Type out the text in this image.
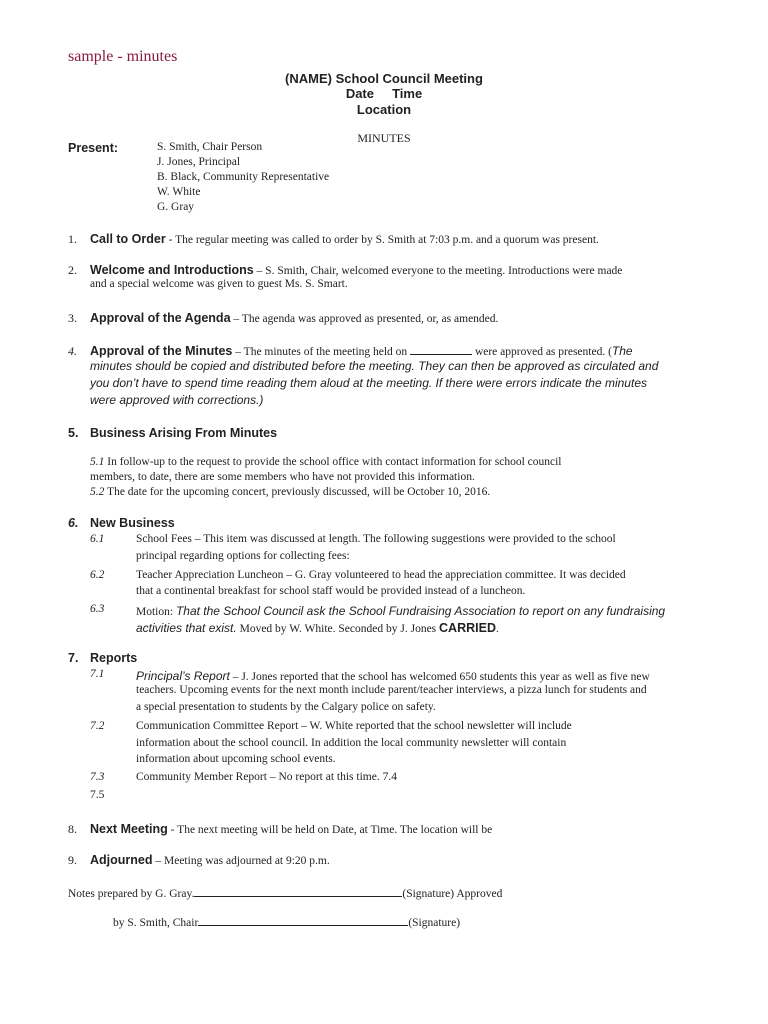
sample - minutes
(NAME) School Council Meeting
Date Time
Location
MINUTES
Present:	S. Smith, Chair Person
J. Jones, Principal
B. Black, Community Representative
W. White
G. Gray
1. Call to Order - The regular meeting was called to order by S. Smith at 7:03 p.m. and a quorum was present.
2. Welcome and Introductions – S. Smith, Chair, welcomed everyone to the meeting. Introductions were made
and a special welcome was given to guest Ms. S. Smart.
3. Approval of the Agenda – The agenda was approved as presented, or, as amended.
4. Approval of the Minutes – The minutes of the meeting held on	were approved as presented. (The
minutes should be copied and distributed before the meeting. They can then be approved as circulated and
you don’t have to spend time reading them aloud at the meeting. If there were errors indicate the minutes
were approved with corrections.)
5. Business Arising From Minutes
5.1 In follow-up to the request to provide the school office with contact information for school council
members, to date, there are some members who have not provided this information.
5.2 The date for the upcoming concert, previously discussed, will be October 10, 2016.
6. New Business
6.1	School Fees – This item was discussed at length. The following suggestions were provided to the school
principal regarding options for collecting fees:
6.2	Teacher Appreciation Luncheon – G. Gray volunteered to head the appreciation committee. It was decided
that a continental breakfast for school staff would be provided instead of a luncheon.
6.3	Motion: That the School Council ask the School Fundraising Association to report on any fundraising
activities that exist. Moved by W. White. Seconded by J. Jones CARRIED.
7. Reports
7.1	Principal’s Report – J. Jones reported that the school has welcomed 650 students this year as well as five new
teachers. Upcoming events for the next month include parent/teacher interviews, a pizza lunch for students and
a special presentation to students by the Calgary police on safety.
7.2	Communication Committee Report – W. White reported that the school newsletter will include
information about the school council. In addition the local community newsletter will contain
information about upcoming school events.
7.3	Community Member Report – No report at this time. 7.4
7.5
8. Next Meeting - The next meeting will be held on Date, at Time. The location will be
9. Adjourned – Meeting was adjourned at 9:20 p.m.
Notes prepared by G. Gray.	(Signature) Approved
by S. Smith, Chair	(Signature)
